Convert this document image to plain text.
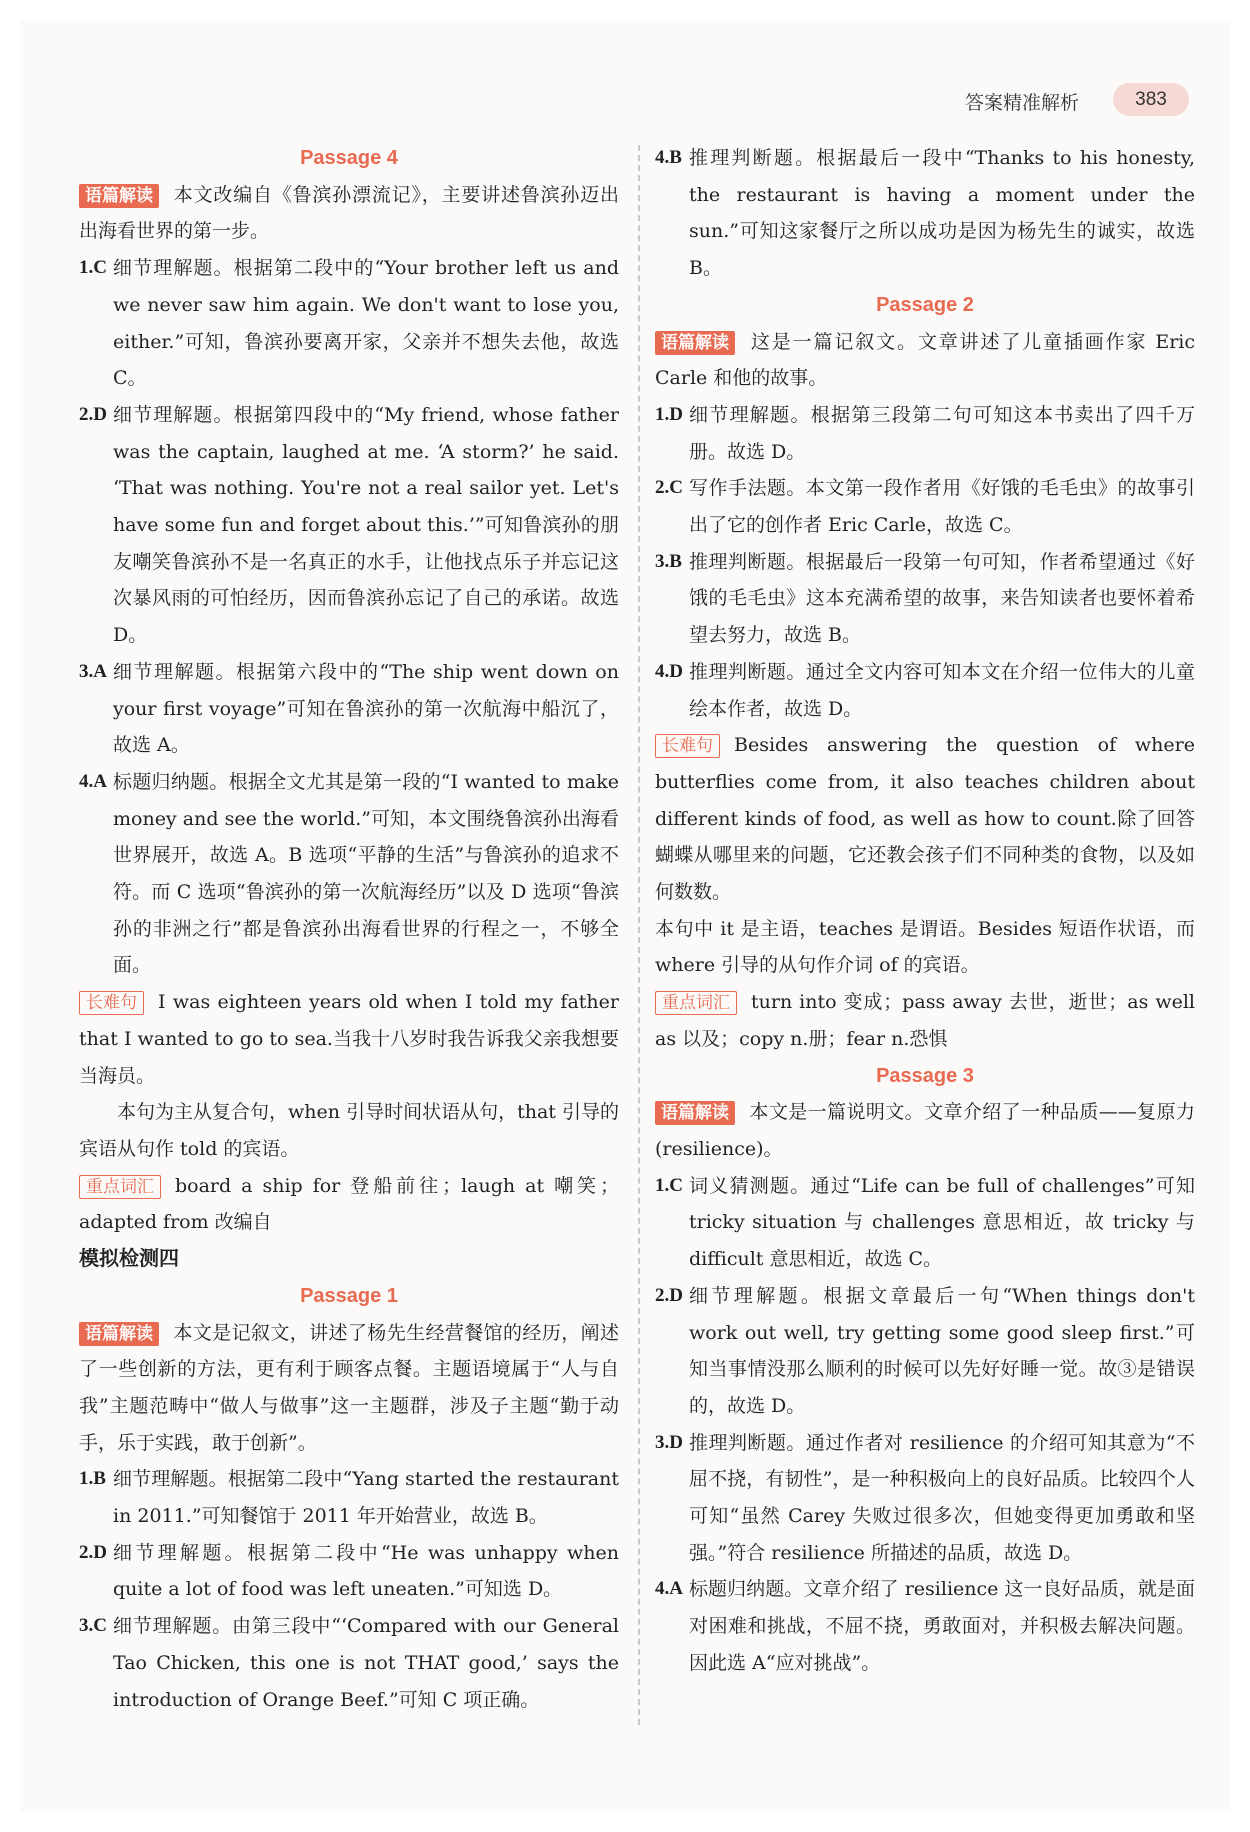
答案精准解析	383
Passage 4
语篇解读 本文改编自《鲁滨孙漂流记》，主要讲述鲁滨孙迈出出海看世界的第一步。
1.C 细节理解题。根据第二段中的“Your brother left us and we never saw him again. We don't want to lose you, either.”可知，鲁滨孙要离开家，父亲并不想失去他，故选 C。
2.D 细节理解题。根据第四段中的“My friend, whose father was the captain, laughed at me. ‘A storm?’ he said. ‘That was nothing. You're not a real sailor yet. Let's have some fun and forget about this.’”可知鲁滨孙的朋友嘲笑鲁滨孙不是一名真正的水手，让他找点乐子并忘记这次暴风雨的可怕经历，因而鲁滨孙忘记了自己的承诺。故选 D。
3.A 细节理解题。根据第六段中的“The ship went down on your first voyage”可知在鲁滨孙的第一次航海中船沉了，故选 A。
4.A 标题归纳题。根据全文尤其是第一段的“I wanted to make money and see the world.”可知，本文围绕鲁滨孙出海看世界展开，故选 A。B 选项“平静的生活”与鲁滨孙的追求不符。而 C 选项“鲁滨孙的第一次航海经历”以及 D 选项“鲁滨孙的非洲之行”都是鲁滨孙出海看世界的行程之一，不够全面。
长难句 I was eighteen years old when I told my father that I wanted to go to sea.当我十八岁时我告诉我父亲我想要当海员。
本句为主从复合句，when 引导时间状语从句，that 引导的宾语从句作 told 的宾语。
重点词汇 board a ship for 登船前往；laugh at 嘲笑；adapted from 改编自
模拟检测四
Passage 1
语篇解读 本文是记叙文，讲述了杨先生经营餐馆的经历，阐述了一些创新的方法，更有利于顾客点餐。主题语境属于“人与自我”主题范畴中“做人与做事”这一主题群，涉及子主题“勤于动手，乐于实践，敢于创新”。
1.B 细节理解题。根据第二段中“Yang started the restaurant in 2011.”可知餐馆于 2011 年开始营业，故选 B。
2.D 细节理解题。根据第二段中“He was unhappy when quite a lot of food was left uneaten.”可知选 D。
3.C 细节理解题。由第三段中“‘Compared with our General Tao Chicken, this one is not THAT good,’ says the introduction of Orange Beef.”可知 C 项正确。
4.B 推理判断题。根据最后一段中“Thanks to his honesty, the restaurant is having a moment under the sun.”可知这家餐厅之所以成功是因为杨先生的诚实，故选 B。
Passage 2
语篇解读 这是一篇记叙文。文章讲述了儿童插画作家 Eric Carle 和他的故事。
1.D 细节理解题。根据第三段第二句可知这本书卖出了四千万册。故选 D。
2.C 写作手法题。本文第一段作者用《好饿的毛毛虫》的故事引出了它的创作者 Eric Carle，故选 C。
3.B 推理判断题。根据最后一段第一句可知，作者希望通过《好饿的毛毛虫》这本充满希望的故事，来告知读者也要怀着希望去努力，故选 B。
4.D 推理判断题。通过全文内容可知本文在介绍一位伟大的儿童绘本作者，故选 D。
长难句 Besides answering the question of where butterflies come from, it also teaches children about different kinds of food, as well as how to count.除了回答蝴蝶从哪里来的问题，它还教会孩子们不同种类的食物，以及如何数数。
本句中 it 是主语，teaches 是谓语。Besides 短语作状语，而 where 引导的从句作介词 of 的宾语。
重点词汇 turn into 变成；pass away 去世，逝世；as well as 以及；copy n.册；fear n.恐惧
Passage 3
语篇解读 本文是一篇说明文。文章介绍了一种品质——复原力(resilience)。
1.C 词义猜测题。通过“Life can be full of challenges”可知 tricky situation 与 challenges 意思相近，故 tricky 与 difficult 意思相近，故选 C。
2.D 细节理解题。根据文章最后一句“When things don't work out well, try getting some good sleep first.”可知当事情没那么顺利的时候可以先好好睡一觉。故③是错误的，故选 D。
3.D 推理判断题。通过作者对 resilience 的介绍可知其意为“不屈不挠，有韧性”，是一种积极向上的良好品质。比较四个人可知“虽然 Carey 失败过很多次，但她变得更加勇敢和坚强。”符合 resilience 所描述的品质，故选 D。
4.A 标题归纳题。文章介绍了 resilience 这一良好品质，就是面对困难和挑战，不屈不挠，勇敢面对，并积极去解决问题。因此选 A“应对挑战”。
